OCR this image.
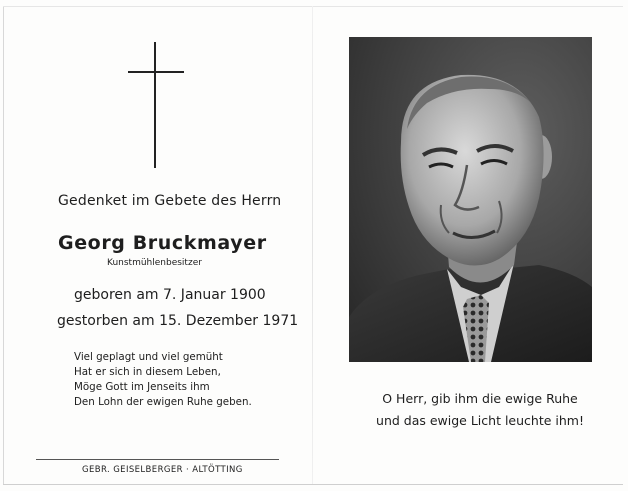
Gedenket im Gebete des Herrn
Georg Bruckmayer
Kunstmühlenbesitzer
geboren am 7. Januar 1900
gestorben am 15. Dezember 1971
Viel geplagt und viel gemüht
Hat er sich in diesem Leben,
Möge Gott im Jenseits ihm
Den Lohn der ewigen Ruhe geben.
GEBR. GEISELBERGER · ALTÖTTING
O Herr, gib ihm die ewige Ruhe
und das ewige Licht leuchte ihm!
